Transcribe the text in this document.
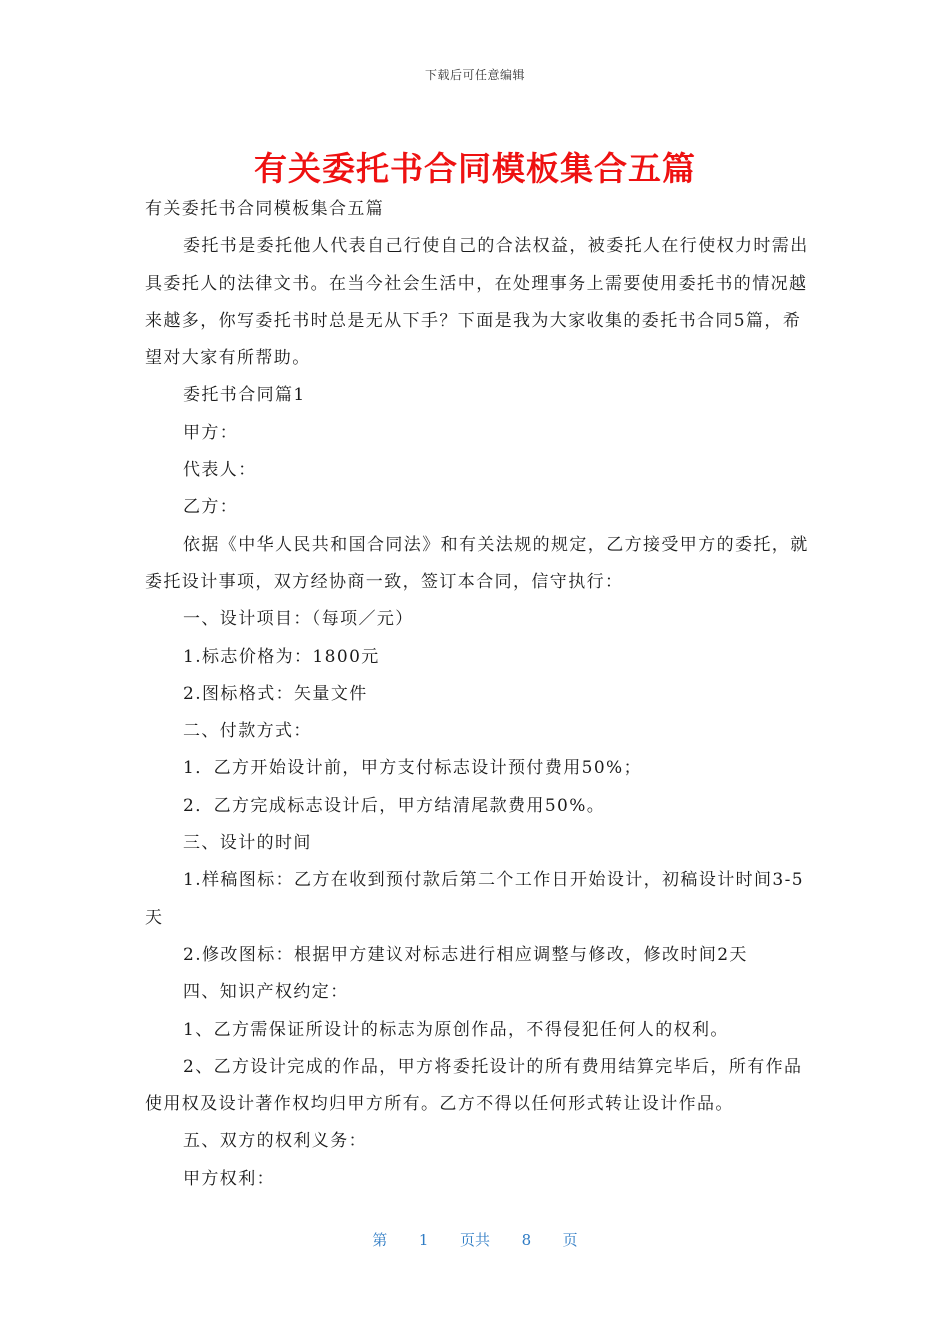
下载后可任意编辑
有关委托书合同模板集合五篇

有关委托书合同模板集合五篇

委托书是委托他人代表自己行使自己的合法权益，被委托人在行使权力时需出具委托人的法律文书。在当今社会生活中，在处理事务上需要使用委托书的情况越来越多，你写委托书时总是无从下手？下面是我为大家收集的委托书合同5篇，希望对大家有所帮助。

委托书合同篇1

甲方：

代表人：

乙方：

依据《中华人民共和国合同法》和有关法规的规定，乙方接受甲方的委托，就委托设计事项，双方经协商一致，签订本合同，信守执行：

一、设计项目：（每项／元）

1.标志价格为：1800元

2.图标格式：矢量文件

二、付款方式：

1．乙方开始设计前，甲方支付标志设计预付费用50%；

2．乙方完成标志设计后，甲方结清尾款费用50%。

三、设计的时间

1.样稿图标：乙方在收到预付款后第二个工作日开始设计，初稿设计时间3-5天

2.修改图标：根据甲方建议对标志进行相应调整与修改，修改时间2天

四、知识产权约定：

1、乙方需保证所设计的标志为原创作品，不得侵犯任何人的权利。

2、乙方设计完成的作品，甲方将委托设计的所有费用结算完毕后，所有作品使用权及设计著作权均归甲方所有。乙方不得以任何形式转让设计作品。

五、双方的权利义务：

甲方权利：

第 1 页共 8 页
